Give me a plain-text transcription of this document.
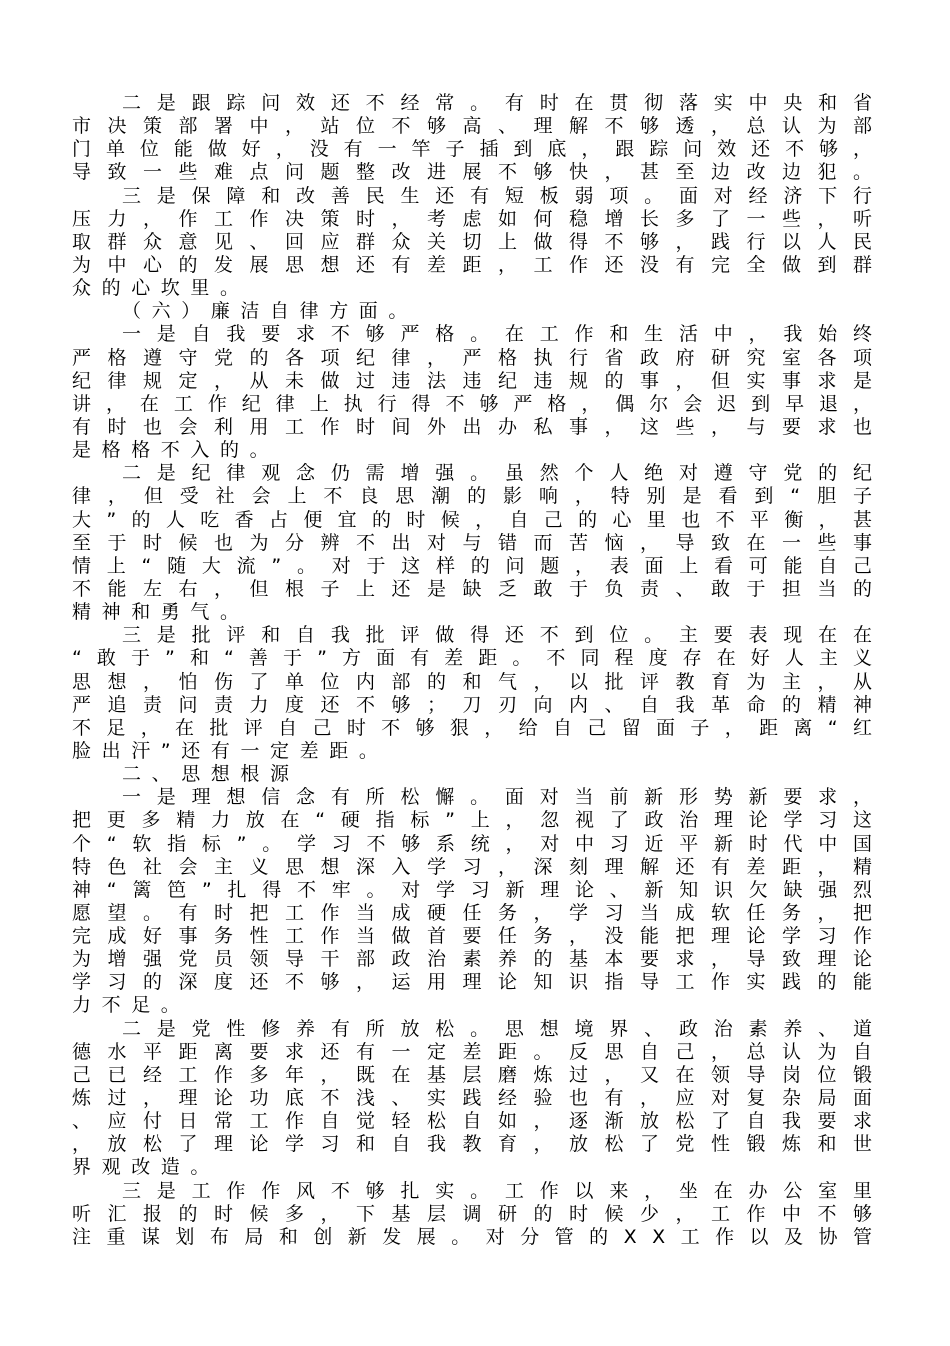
二是跟踪问效还不经常。有时在贯彻落实中央和省
市决策部署中，站位不够高、理解不够透，总认为部
门单位能做好，没有一竿子插到底，跟踪问效还不够，
导致一些难点问题整改进展不够快，甚至边改边犯。
三是保障和改善民生还有短板弱项。面对经济下行
压力，作工作决策时，考虑如何稳增长多了一些，听
取群众意见、回应群众关切上做得不够，践行以人民
为中心的发展思想还有差距，工作还没有完全做到群
众的心坎里。
（六）廉洁自律方面。
一是自我要求不够严格。在工作和生活中，我始终
严格遵守党的各项纪律，严格执行省政府研究室各项
纪律规定，从未做过违法违纪违规的事，但实事求是
讲，在工作纪律上执行得不够严格，偶尔会迟到早退，
有时也会利用工作时间外出办私事，这些，与要求也
是格格不入的。
二是纪律观念仍需增强。虽然个人绝对遵守党的纪
律，但受社会上不良思潮的影响，特别是看到“胆子
大”的人吃香占便宜的时候，自己的心里也不平衡，甚
至于时候也为分辨不出对与错而苦恼，导致在一些事
情上“随大流”。对于这样的问题，表面上看可能自己
不能左右，但根子上还是缺乏敢于负责、敢于担当的
精神和勇气。
三是批评和自我批评做得还不到位。主要表现在在
“敢于”和“善于”方面有差距。不同程度存在好人主义
思想，怕伤了单位内部的和气，以批评教育为主，从
严追责问责力度还不够；刀刃向内、自我革命的精神
不足，在批评自己时不够狠，给自己留面子，距离“红
脸出汗”还有一定差距。
二、思想根源
一是理想信念有所松懈。面对当前新形势新要求，
把更多精力放在“硬指标”上，忽视了政治理论学习这
个“软指标”。学习不够系统，对中习近平新时代中国
特色社会主义思想深入学习，深刻理解还有差距，精
神“篱笆”扎得不牢。对学习新理论、新知识欠缺强烈
愿望。有时把工作当成硬任务，学习当成软任务，把
完成好事务性工作当做首要任务，没能把理论学习作
为增强党员领导干部政治素养的基本要求，导致理论
学习的深度还不够，运用理论知识指导工作实践的能
力不足。
二是党性修养有所放松。思想境界、政治素养、道
德水平距离要求还有一定差距。反思自己，总认为自
己已经工作多年，既在基层磨炼过，又在领导岗位锻
炼过，理论功底不浅、实践经验也有，应对复杂局面
、应付日常工作自觉轻松自如，逐渐放松了自我要求
，放松了理论学习和自我教育，放松了党性锻炼和世
界观改造。
三是工作作风不够扎实。工作以来，坐在办公室里
听汇报的时候多，下基层调研的时候少，工作中不够
注重谋划布局和创新发展。对分管的XX工作以及协管
